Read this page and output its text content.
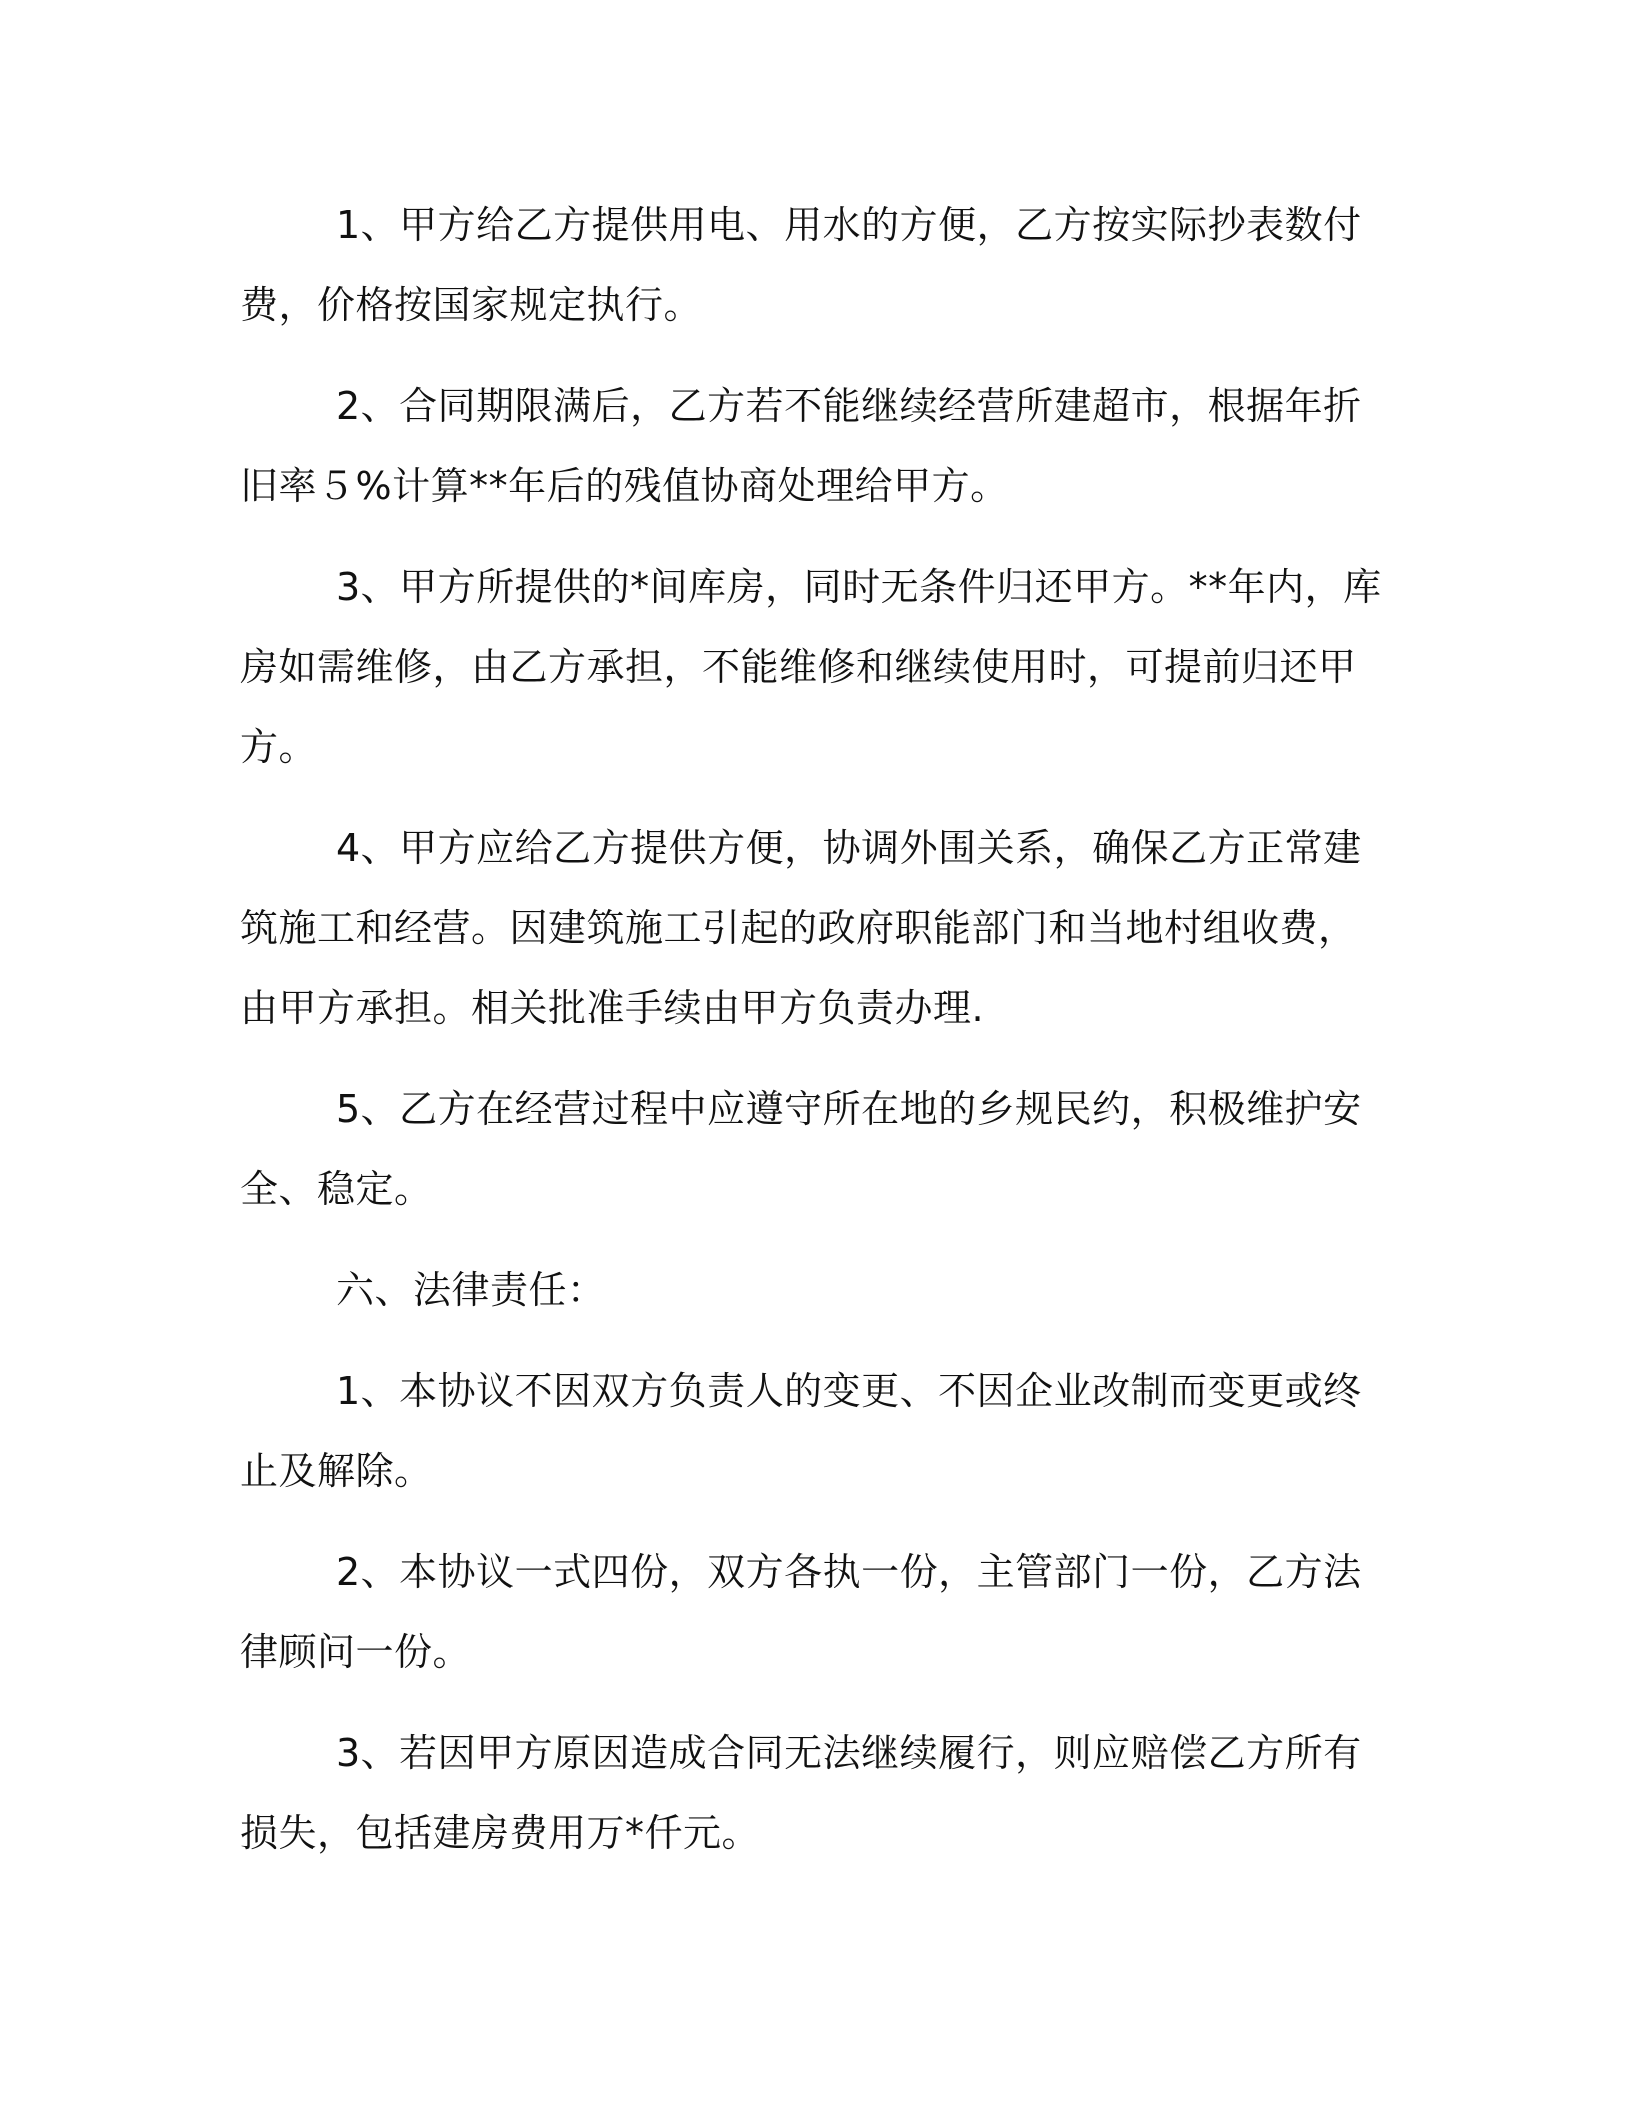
1、甲方给乙方提供用电、用水的方便，乙方按实际抄表数付费，价格按国家规定执行。

2、合同期限满后，乙方若不能继续经营所建超市，根据年折旧率５%计算**年后的残值协商处理给甲方。

3、甲方所提供的*间库房，同时无条件归还甲方。**年内，库房如需维修，由乙方承担，不能维修和继续使用时，可提前归还甲方。

4、甲方应给乙方提供方便，协调外围关系，确保乙方正常建筑施工和经营。因建筑施工引起的政府职能部门和当地村组收费，由甲方承担。相关批准手续由甲方负责办理.

5、乙方在经营过程中应遵守所在地的乡规民约，积极维护安全、稳定。

六、法律责任：

1、本协议不因双方负责人的变更、不因企业改制而变更或终止及解除。

2、本协议一式四份，双方各执一份，主管部门一份，乙方法律顾问一份。

3、若因甲方原因造成合同无法继续履行，则应赔偿乙方所有损失，包括建房费用万*仟元。
